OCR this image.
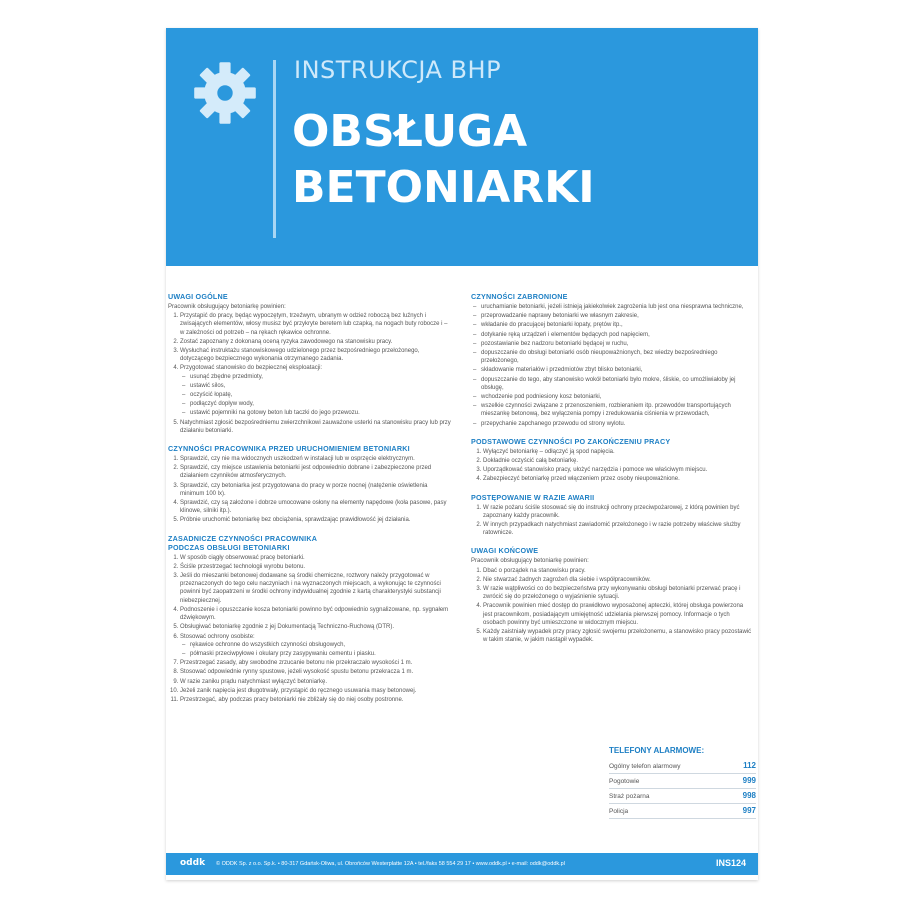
INSTRUKCJA BHP
OBSŁUGA
BETONIARKI
UWAGI OGÓLNE
Pracownik obsługujący betoniarkę powinien:
1. Przystąpić do pracy, będąc wypoczętym, trzeźwym, ubranym w odzież roboczą bez luźnych i zwisających elementów, włosy musisz być przykryte beretem lub czapką, na nogach buty robocze i – w zależności od potrzeb – na rękach rękawice ochronne.
2. Zostać zapoznany z dokonaną oceną ryzyka zawodowego na stanowisku pracy.
3. Wysłuchać instruktażu stanowiskowego udzielonego przez bezpośredniego przełożonego, dotyczącego bezpiecznego wykonania otrzymanego zadania.
4. Przygotować stanowisko do bezpiecznej eksploatacji:
– usunąć zbędne przedmioty,
– ustawić silos,
– oczyścić łopatę,
– podłączyć dopływ wody,
– ustawić pojemniki na gotowy beton lub taczki do jego przewozu.
5. Natychmiast zgłosić bezpośredniemu zwierzchnikowi zauważone usterki na stanowisku pracy lub przy działaniu betoniarki.
CZYNNOŚCI PRACOWNIKA PRZED URUCHOMIENIEM BETONIARKI
1. Sprawdzić, czy nie ma widocznych uszkodzeń w instalacji lub w osprzęcie elektrycznym.
2. Sprawdzić, czy miejsce ustawienia betoniarki jest odpowiednio dobrane i zabezpieczone przed działaniem czynników atmosferycznych.
3. Sprawdzić, czy betoniarka jest przygotowana do pracy w porze nocnej (natężenie oświetlenia minimum 100 lx).
4. Sprawdzić, czy są założone i dobrze umocowane osłony na elementy napędowe (koła pasowe, pasy klinowe, silniki itp.).
5. Próbnie uruchomić betoniarkę bez obciążenia, sprawdzając prawidłowość jej działania.
ZASADNICZE CZYNNOŚCI PRACOWNIKA
PODCZAS OBSŁUGI BETONIARKI
1. W sposób ciągły obserwować pracę betoniarki.
2. Ściśle przestrzegać technologii wyrobu betonu.
3. Jeśli do mieszanki betonowej dodawane są środki chemiczne, roztwory należy przygotować w przeznaczonych do tego celu naczyniach i na wyznaczonych miejscach, a wykonując te czynności powinni być zaopatrzeni w środki ochrony indywidualnej zgodnie z kartą charakterystyki substancji niebezpiecznej.
4. Podnoszenie i opuszczanie kosza betoniarki powinno być odpowiednio sygnalizowane, np. sygnałem dźwiękowym.
5. Obsługiwać betoniarkę zgodnie z jej Dokumentacją Techniczno-Ruchową (DTR).
6. Stosować ochrony osobiste:
– rękawice ochronne do wszystkich czynności obsługowych,
– półmaski przeciwpyłowe i okulary przy zasypywaniu cementu i piasku.
7. Przestrzegać zasady, aby swobodne zrzucanie betonu nie przekraczało wysokości 1 m.
8. Stosować odpowiednie rynny spustowe, jeżeli wysokość spustu betonu przekracza 1 m.
9. W razie zaniku prądu natychmiast wyłączyć betoniarkę.
10. Jeżeli zanik napięcia jest długotrwały, przystąpić do ręcznego usuwania masy betonowej.
11. Przestrzegać, aby podczas pracy betoniarki nie zbliżały się do niej osoby postronne.
CZYNNOŚCI ZABRONIONE
– uruchamianie betoniarki, jeżeli istnieją jakiekolwiek zagrożenia lub jest ona niesprawna techniczne,
– przeprowadzanie naprawy betoniarki we własnym zakresie,
– wkładanie do pracującej betoniarki łopaty, prętów itp.,
– dotykanie ręką urządzeń i elementów będących pod napięciem,
– pozostawianie bez nadzoru betoniarki będącej w ruchu,
– dopuszczanie do obsługi betoniarki osób nieupoważnionych, bez wiedzy bezpośredniego przełożonego,
– składowanie materiałów i przedmiotów zbyt blisko betoniarki,
– dopuszczanie do tego, aby stanowisko wokół betoniarki było mokre, śliskie, co umożliwiałoby jej obsługę,
– wchodzenie pod podniesiony kosz betoniarki,
– wszelkie czynności związane z przenoszeniem, rozbieraniem itp. przewodów transportujących mieszankę betonową, bez wyłączenia pompy i zredukowania ciśnienia w przewodach,
– przepychanie zapchanego przewodu od strony wylotu.
PODSTAWOWE CZYNNOŚCI PO ZAKOŃCZENIU PRACY
1. Wyłączyć betoniarkę – odłączyć ją spod napięcia.
2. Dokładnie oczyścić całą betoniarkę.
3. Uporządkować stanowisko pracy, ułożyć narzędzia i pomoce we właściwym miejscu.
4. Zabezpieczyć betoniarkę przed włączeniem przez osoby nieupoważnione.
POSTĘPOWANIE W RAZIE AWARII
1. W razie pożaru ściśle stosować się do instrukcji ochrony przeciwpożarowej, z którą powinien być zapoznany każdy pracownik.
2. W innych przypadkach natychmiast zawiadomić przełożonego i w razie potrzeby właściwe służby ratownicze.
UWAGI KOŃCOWE
Pracownik obsługujący betoniarkę powinien:
1. Dbać o porządek na stanowisku pracy.
2. Nie stwarzać żadnych zagrożeń dla siebie i współpracowników.
3. W razie wątpliwości co do bezpieczeństwa przy wykonywaniu obsługi betoniarki przerwać pracę i zwrócić się do przełożonego o wyjaśnienie sytuacji.
4. Pracownik powinien mieć dostęp do prawidłowo wyposażonej apteczki, której obsługa powierzona jest pracownikom, posiadającym umiejętność udzielania pierwszej pomocy. Informacje o tych osobach powinny być umieszczone w widocznym miejscu.
5. Każdy zaistniały wypadek przy pracy zgłosić swojemu przełożonemu, a stanowisko pracy pozostawić w takim stanie, w jakim nastąpił wypadek.
TELEFONY ALARMOWE:
Ogólny telefon alarmowy	112
Pogotowie	999
Straż pożarna	998
Policja	997
oddk © ODDK Sp. z o.o. Sp.k. • 80-317 Gdańsk-Oliwa, ul. Obrońców Westerplatte 12A • tel./faks 58 554 29 17 • www.oddk.pl • e-mail: oddk@oddk.pl	INS124
